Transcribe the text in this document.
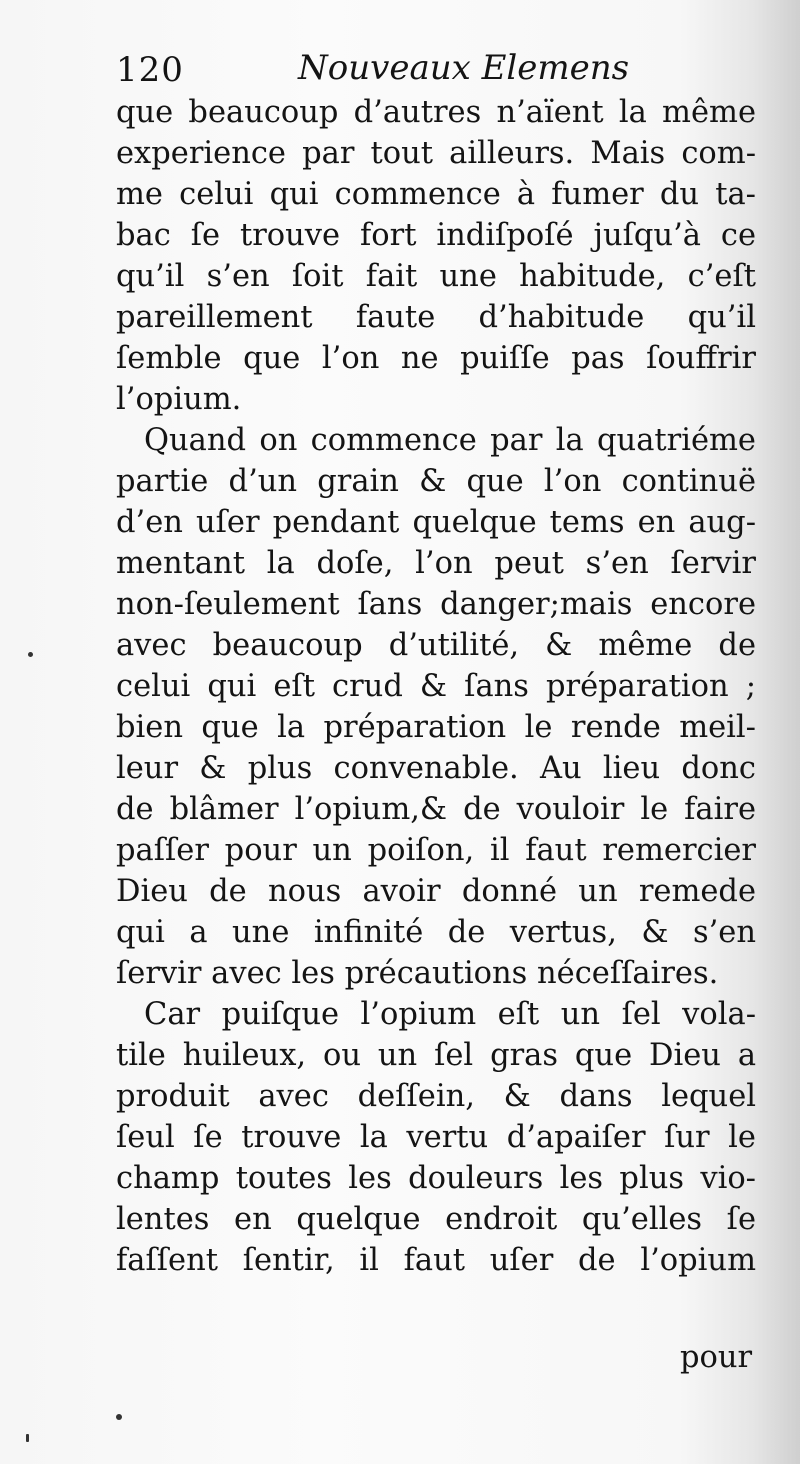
120	Nouveaux Elemens
que beaucoup d’autres n’aïent la même
experience par tout ailleurs. Mais com-
me celui qui commence à fumer du ta-
bac ſe trouve fort indiſpoſé juſqu’à ce
qu’il s’en ſoit fait une habitude, c’eſt
pareillement faute d’habitude qu’il
ſemble que l’on ne puiſſe pas ſouffrir
l’opium.
Quand on commence par la quatriéme
partie d’un grain & que l’on continuë
d’en uſer pendant quelque tems en aug-
mentant la doſe, l’on peut s’en ſervir
non-ſeulement ſans danger;mais encore
avec beaucoup d’utilité, & même de
celui qui eſt crud & ſans préparation ;
bien que la préparation le rende meil-
leur & plus convenable. Au lieu donc
de blâmer l’opium,& de vouloir le faire
paſſer pour un poiſon, il faut remercier
Dieu de nous avoir donné un remede
qui a une infinité de vertus, & s’en
ſervir avec les précautions néceſſaires.
Car puiſque l’opium eſt un ſel vola-
tile huileux, ou un ſel gras que Dieu a
produit avec deſſein, & dans lequel
ſeul ſe trouve la vertu d’apaiſer ſur le
champ toutes les douleurs les plus vio-
lentes en quelque endroit qu’elles ſe
faſſent ſentir, il faut uſer de l’opium
pour
